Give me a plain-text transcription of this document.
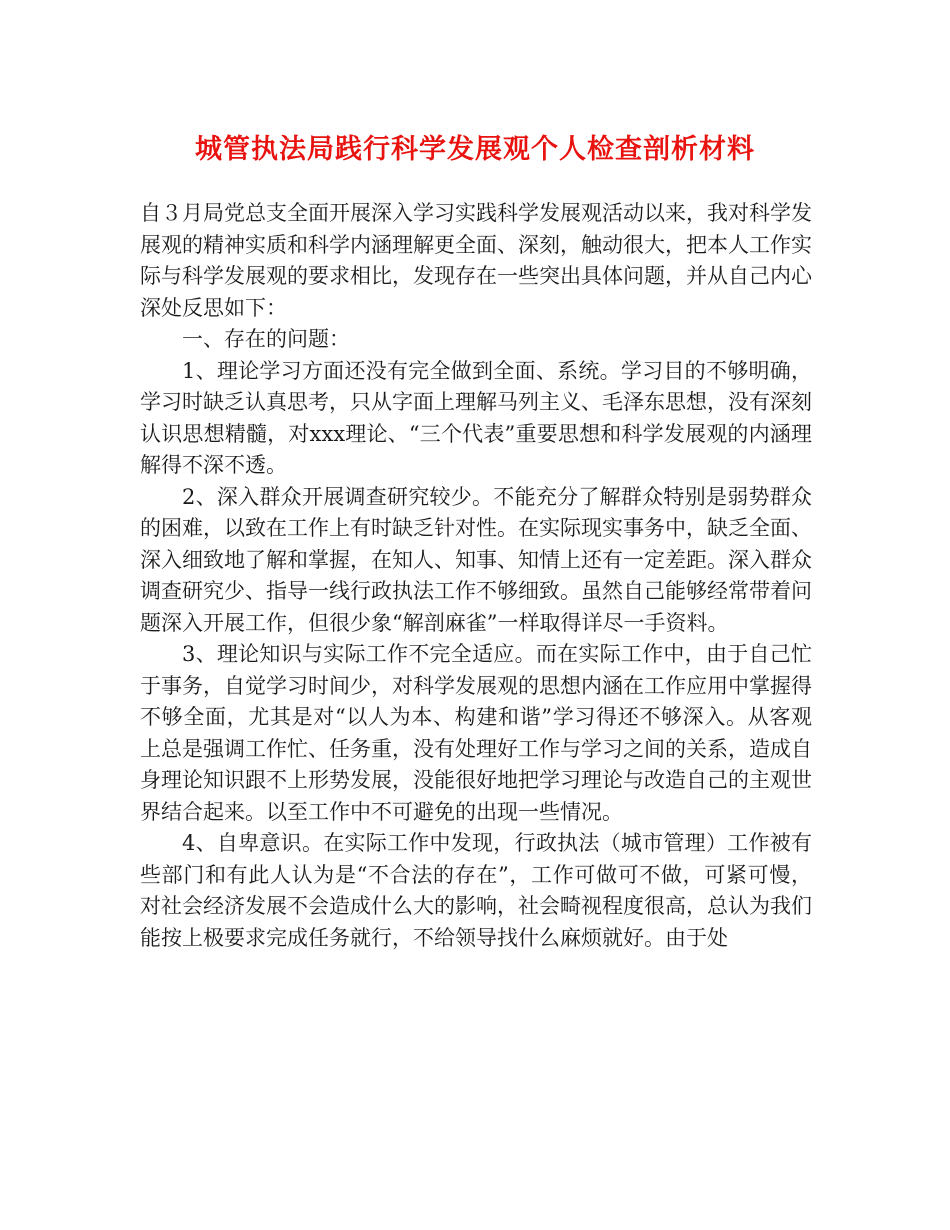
城管执法局践行科学发展观个人检查剖析材料

自３月局党总支全面开展深入学习实践科学发展观活动以来，我对科学发展观的精神实质和科学内涵理解更全面、深刻，触动很大，把本人工作实际与科学发展观的要求相比，发现存在一些突出具体问题，并从自己内心深处反思如下：

一、存在的问题：

1、理论学习方面还没有完全做到全面、系统。学习目的不够明确，学习时缺乏认真思考，只从字面上理解马列主义、毛泽东思想，没有深刻认识思想精髓，对xxx理论、“三个代表”重要思想和科学发展观的内涵理解得不深不透。

2、深入群众开展调查研究较少。不能充分了解群众特别是弱势群众的困难，以致在工作上有时缺乏针对性。在实际现实事务中，缺乏全面、深入细致地了解和掌握，在知人、知事、知情上还有一定差距。深入群众调查研究少、指导一线行政执法工作不够细致。虽然自己能够经常带着问题深入开展工作，但很少象“解剖麻雀”一样取得详尽一手资料。

3、理论知识与实际工作不完全适应。而在实际工作中，由于自己忙于事务，自觉学习时间少，对科学发展观的思想内涵在工作应用中掌握得不够全面，尤其是对“以人为本、构建和谐”学习得还不够深入。从客观上总是强调工作忙、任务重，没有处理好工作与学习之间的关系，造成自身理论知识跟不上形势发展，没能很好地把学习理论与改造自己的主观世界结合起来。以至工作中不可避免的出现一些情况。

4、自卑意识。在实际工作中发现，行政执法（城市管理）工作被有些部门和有此人认为是“不合法的存在”，工作可做可不做，可紧可慢，对社会经济发展不会造成什么大的影响，社会畸视程度很高，总认为我们能按上极要求完成任务就行，不给领导找什么麻烦就好。由于处
